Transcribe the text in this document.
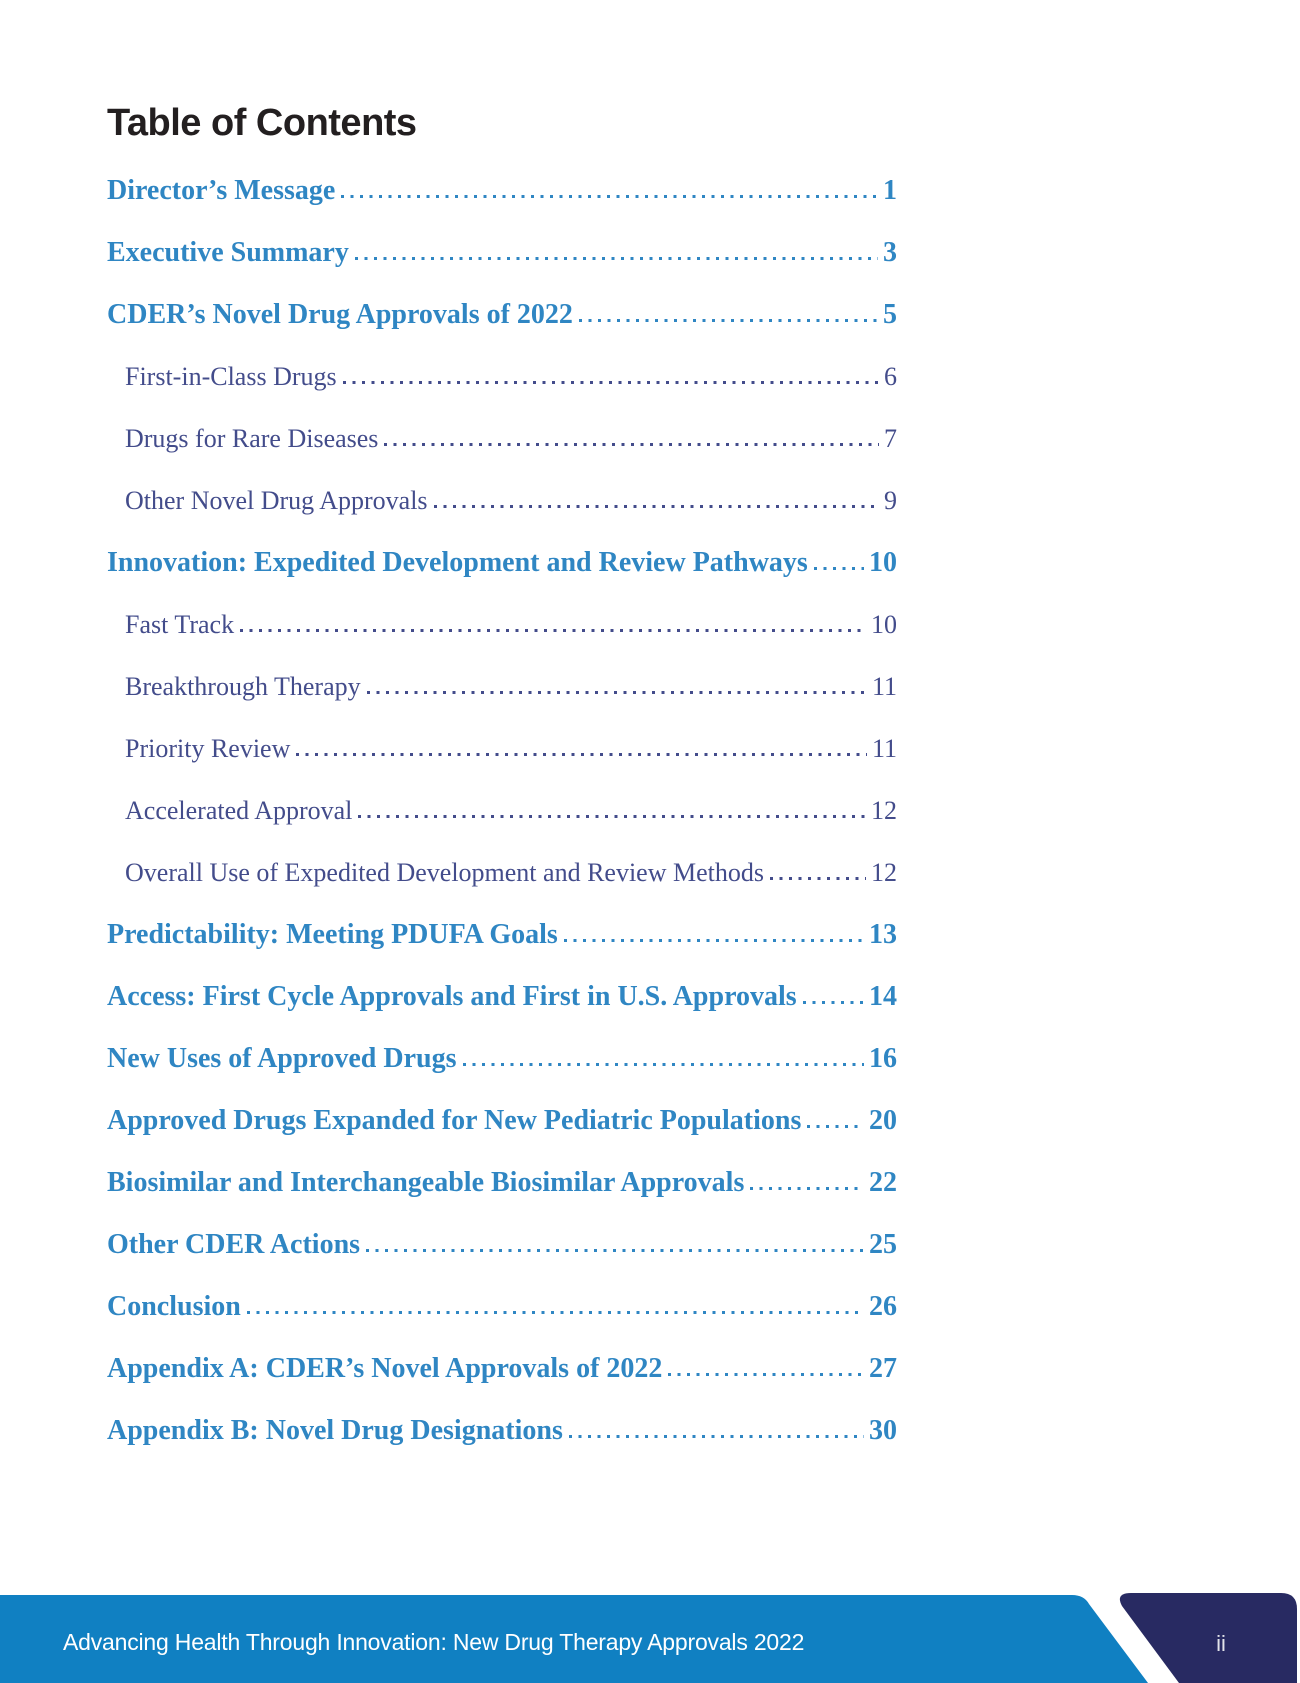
Table of Contents
Director’s Message	1
Executive Summary	3
CDER’s Novel Drug Approvals of 2022	5
First-in-Class Drugs	6
Drugs for Rare Diseases	7
Other Novel Drug Approvals	9
Innovation: Expedited Development and Review Pathways 10
Fast Track	10
Breakthrough Therapy	11
Priority Review	11
Accelerated Approval	12
Overall Use of Expedited Development and Review Methods	12
Predictability: Meeting PDUFA Goals	13
Access: First Cycle Approvals and First in U.S. Approvals	14
New Uses of Approved Drugs	16
Approved Drugs Expanded for New Pediatric Populations 20
Biosimilar and Interchangeable Biosimilar Approvals	22
Other CDER Actions	25
Conclusion	26
Appendix A: CDER’s Novel Approvals of 2022	27
Appendix B: Novel Drug Designations	30
Advancing Health Through Innovation: New Drug Therapy Approvals 2022	ii
